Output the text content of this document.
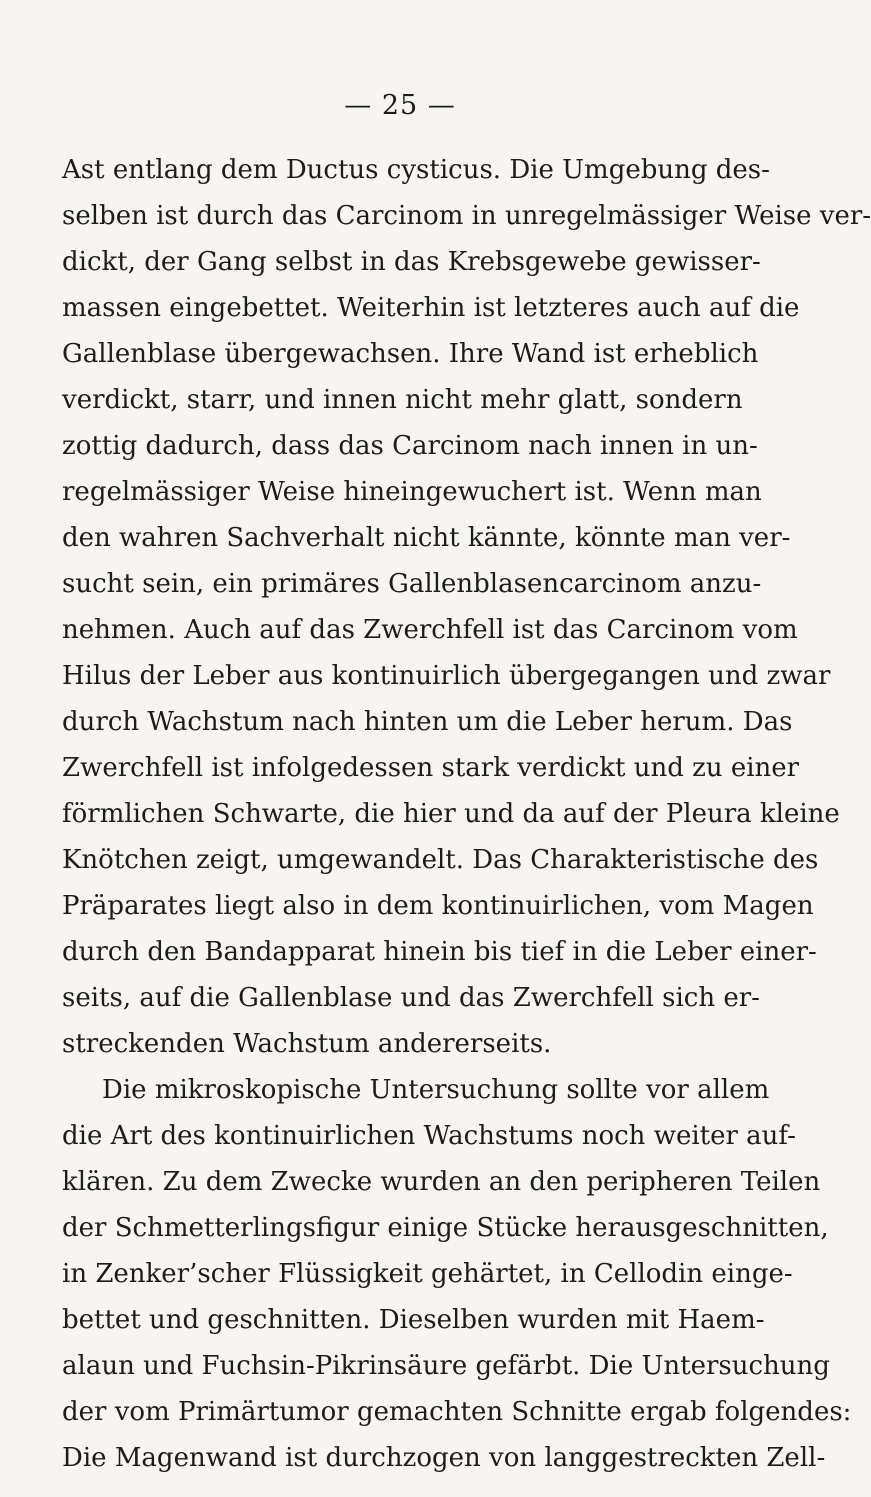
— 25 —
Ast entlang dem Ductus cysticus. Die Umgebung des-
selben ist durch das Carcinom in unregelmässiger Weise ver-
dickt, der Gang selbst in das Krebsgewebe gewisser-
massen eingebettet. Weiterhin ist letzteres auch auf die
Gallenblase übergewachsen. Ihre Wand ist erheblich
verdickt, starr, und innen nicht mehr glatt, sondern
zottig dadurch, dass das Carcinom nach innen in un-
regelmässiger Weise hineingewuchert ist. Wenn man
den wahren Sachverhalt nicht kännte, könnte man ver-
sucht sein, ein primäres Gallenblasencarcinom anzu-
nehmen. Auch auf das Zwerchfell ist das Carcinom vom
Hilus der Leber aus kontinuirlich übergegangen und zwar
durch Wachstum nach hinten um die Leber herum. Das
Zwerchfell ist infolgedessen stark verdickt und zu einer
förmlichen Schwarte, die hier und da auf der Pleura kleine
Knötchen zeigt, umgewandelt. Das Charakteristische des
Präparates liegt also in dem kontinuirlichen, vom Magen
durch den Bandapparat hinein bis tief in die Leber einer-
seits, auf die Gallenblase und das Zwerchfell sich er-
streckenden Wachstum andererseits.
Die mikroskopische Untersuchung sollte vor allem
die Art des kontinuirlichen Wachstums noch weiter auf-
klären. Zu dem Zwecke wurden an den peripheren Teilen
der Schmetterlingsfigur einige Stücke herausgeschnitten,
in Zenker’scher Flüssigkeit gehärtet, in Cellodin einge-
bettet und geschnitten. Dieselben wurden mit Haem-
alaun und Fuchsin-Pikrinsäure gefärbt. Die Untersuchung
der vom Primärtumor gemachten Schnitte ergab folgendes:
Die Magenwand ist durchzogen von langgestreckten Zell-
